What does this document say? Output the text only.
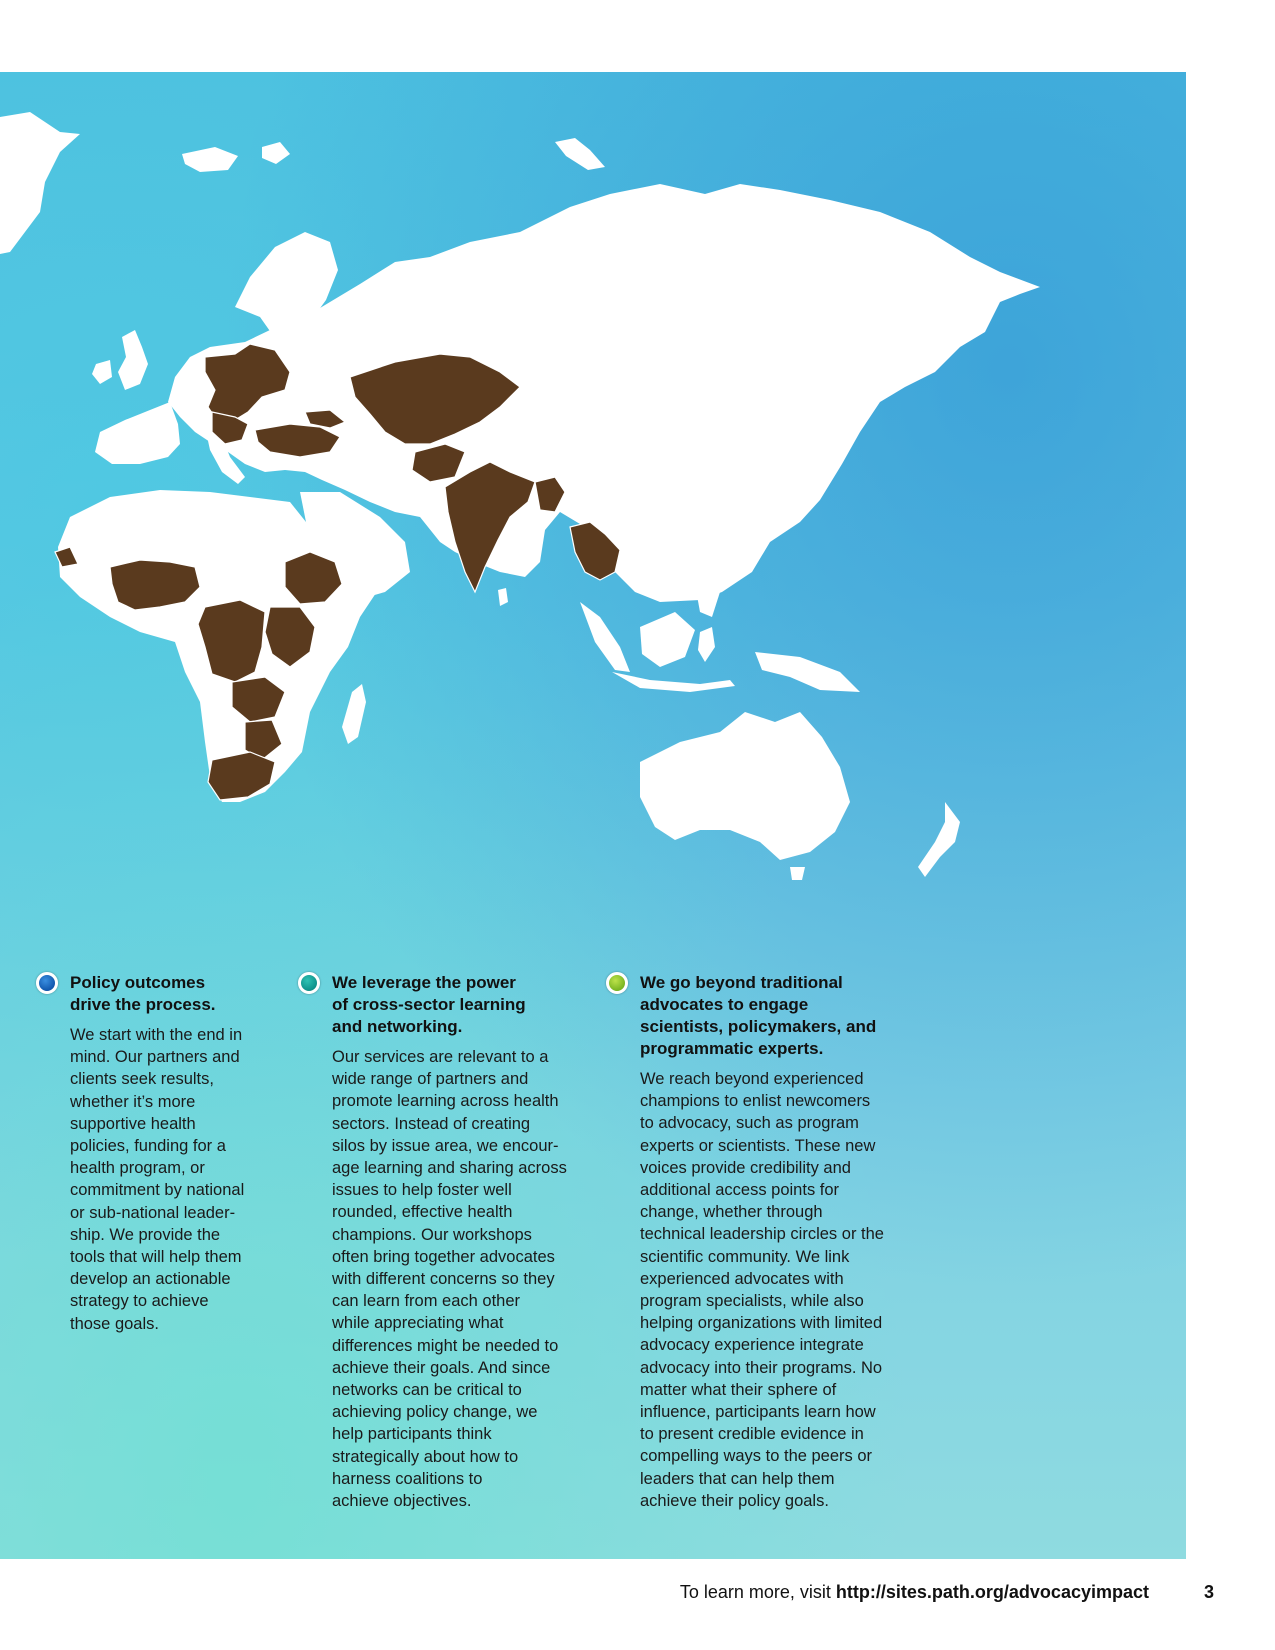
Policy outcomes
drive the process.

We start with the end in
mind. Our partners and
clients seek results,
whether it’s more
supportive health
policies, funding for a
health program, or
commitment by national
or sub-national leader-
ship. We provide the
tools that will help them
develop an actionable
strategy to achieve
those goals.

We leverage the power
of cross-sector learning
and networking.

Our services are relevant to a
wide range of partners and
promote learning across health
sectors. Instead of creating
silos by issue area, we encour-
age learning and sharing across
issues to help foster well
rounded, effective health
champions. Our workshops
often bring together advocates
with different concerns so they
can learn from each other
while appreciating what
differences might be needed to
achieve their goals. And since
networks can be critical to
achieving policy change, we
help participants think
strategically about how to
harness coalitions to
achieve objectives.

We go beyond traditional
advocates to engage
scientists, policymakers, and
programmatic experts.

We reach beyond experienced
champions to enlist newcomers
to advocacy, such as program
experts or scientists. These new
voices provide credibility and
additional access points for
change, whether through
technical leadership circles or the
scientific community. We link
experienced advocates with
program specialists, while also
helping organizations with limited
advocacy experience integrate
advocacy into their programs. No
matter what their sphere of
influence, participants learn how
to present credible evidence in
compelling ways to the peers or
leaders that can help them
achieve their policy goals.

To learn more, visit http://sites.path.org/advocacyimpact	3
